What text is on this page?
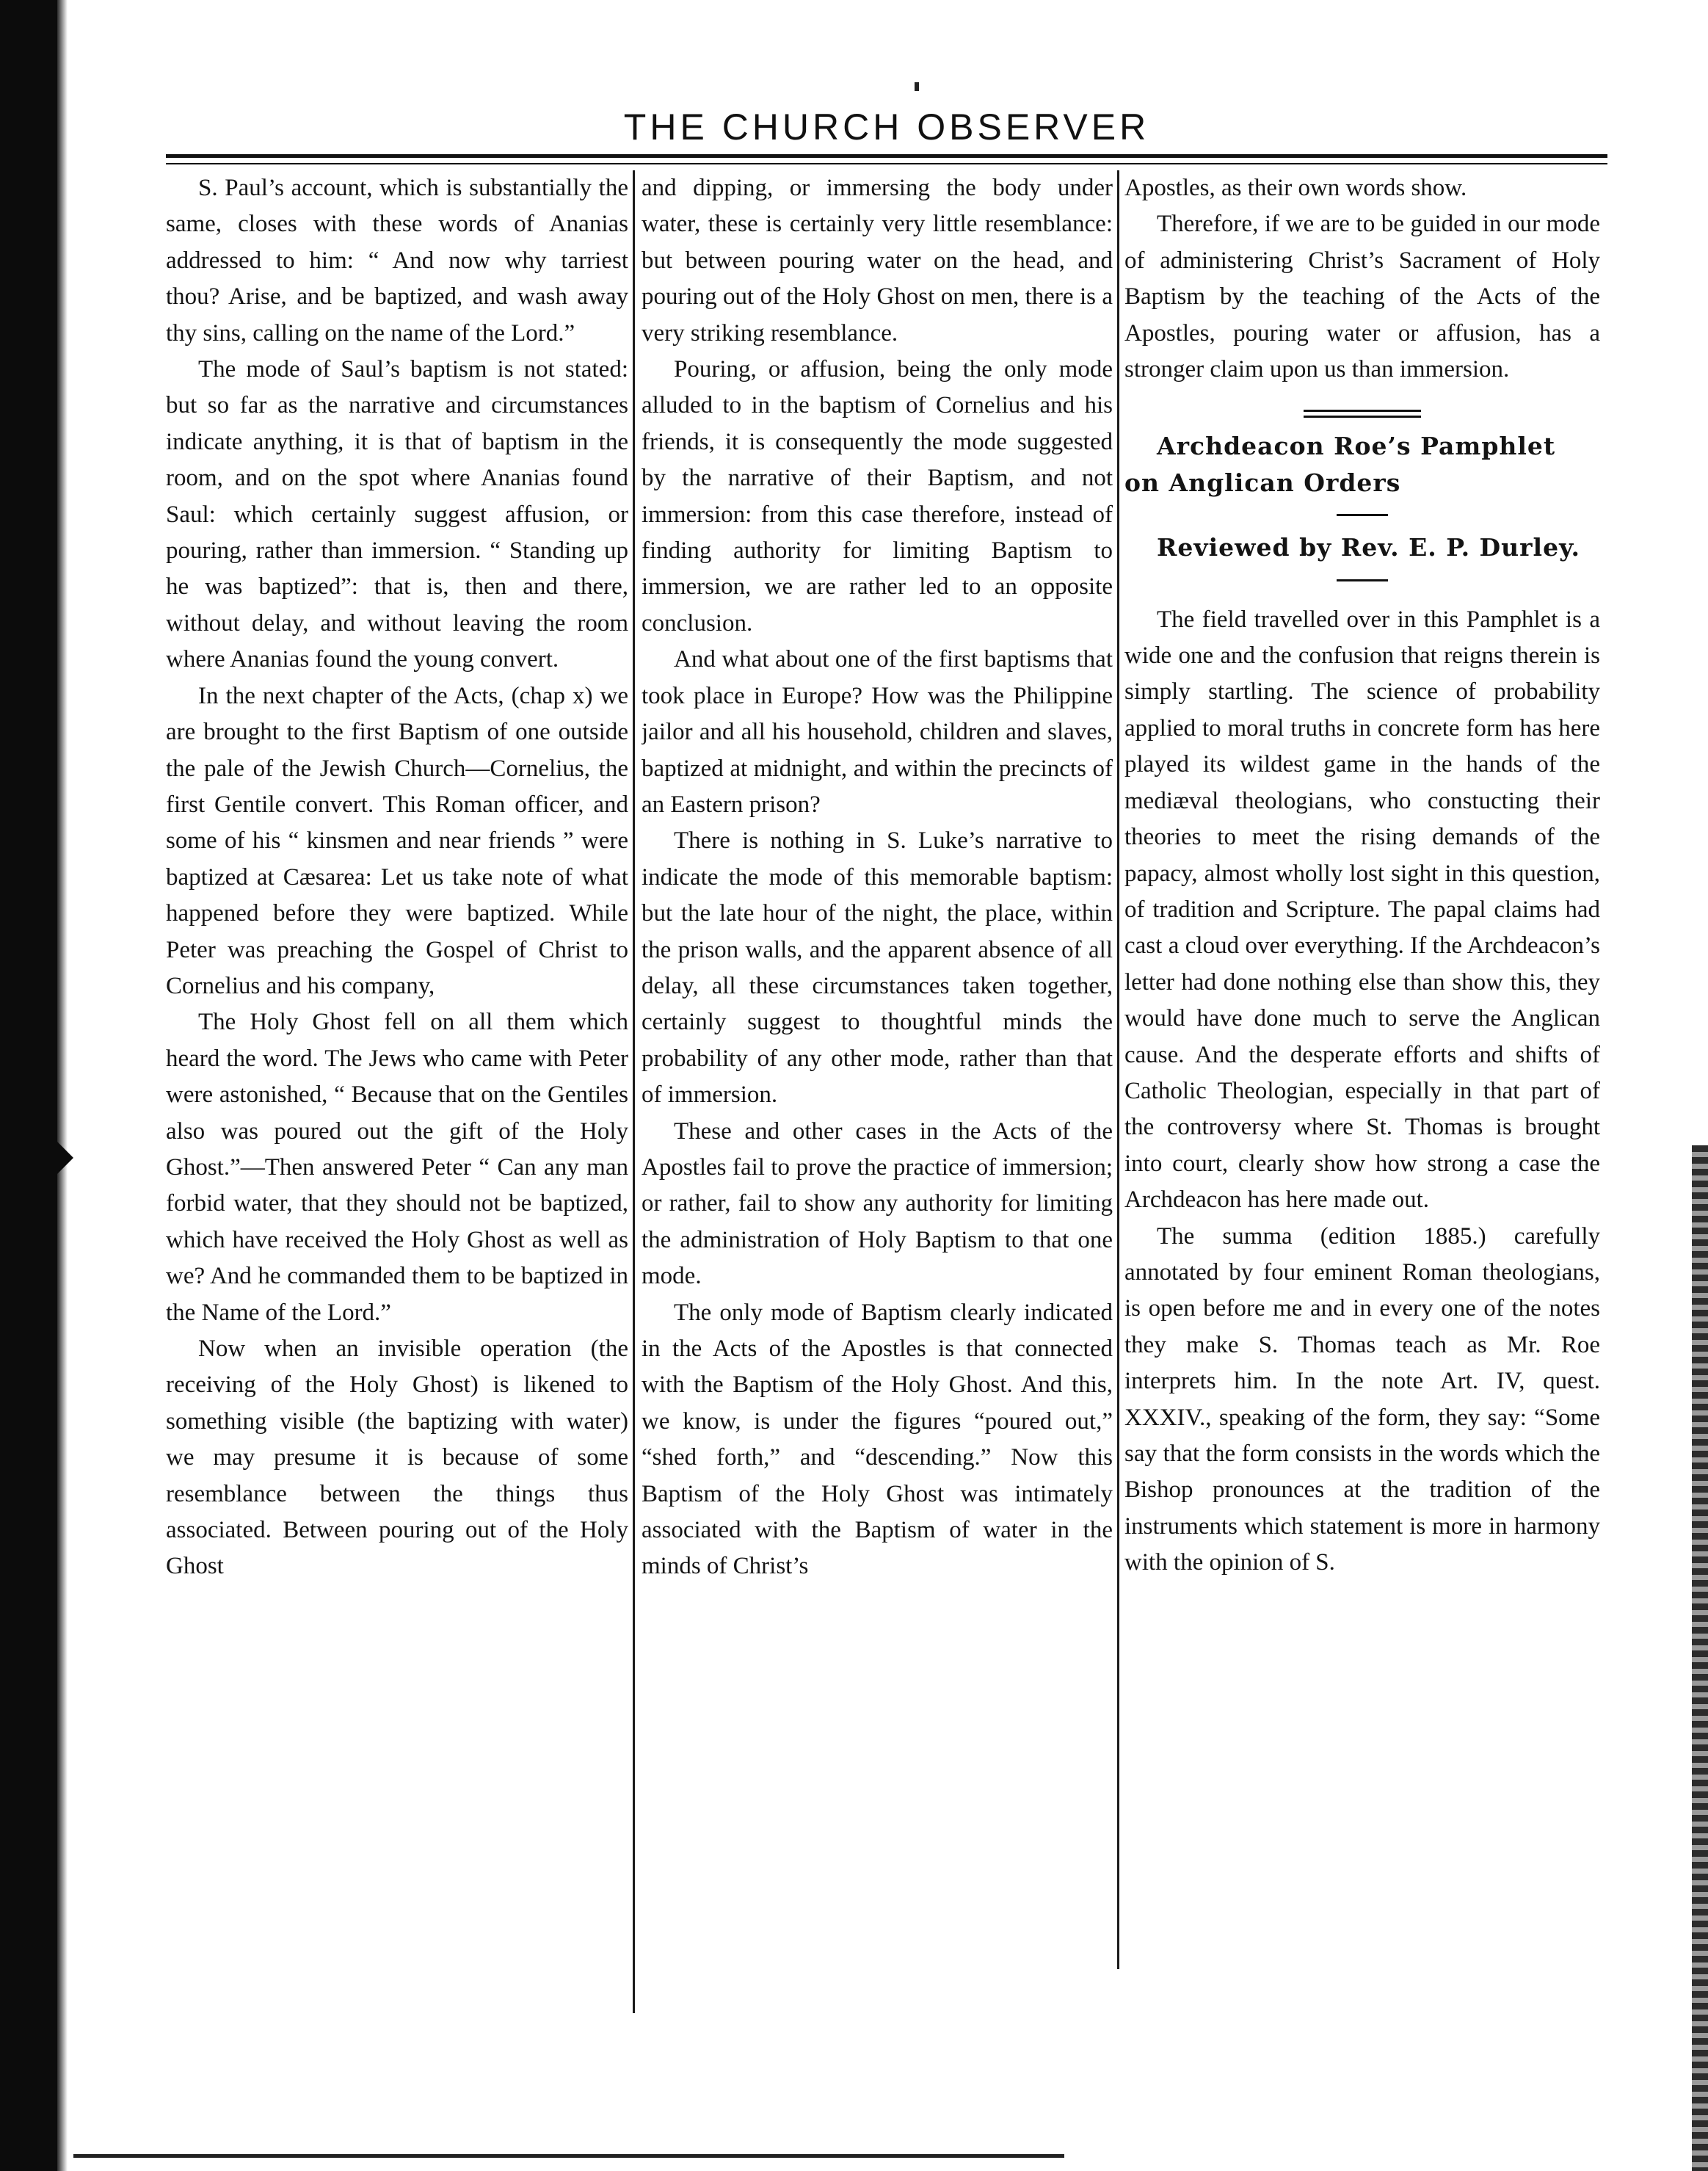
THE CHURCH OBSERVER

S. Paul’s account, which is substantially the same, closes with these words of Ananias addressed to him: “ And now why tarriest thou? Arise, and be baptized, and wash away thy sins, calling on the name of the Lord.”

The mode of Saul’s baptism is not stated: but so far as the narrative and circumstances indicate anything, it is that of baptism in the room, and on the spot where Ananias found Saul: which certainly suggest affusion, or pouring, rather than immersion. “ Standing up he was baptized”: that is, then and there, without delay, and without leaving the room where Ananias found the young convert.

In the next chapter of the Acts, (chap x) we are brought to the first Baptism of one outside the pale of the Jewish Church—Cornelius, the first Gentile convert. This Roman officer, and some of his “ kinsmen and near friends ” were baptized at Cæsarea: Let us take note of what happened before they were baptized. While Peter was preaching the Gospel of Christ to Cornelius and his company,

The Holy Ghost fell on all them which heard the word. The Jews who came with Peter were astonished, “ Because that on the Gentiles also was poured out the gift of the Holy Ghost.”—Then answered Peter “ Can any man forbid water, that they should not be baptized, which have received the Holy Ghost as well as we? And he commanded them to be baptized in the Name of the Lord.”

Now when an invisible operation (the receiving of the Holy Ghost) is likened to something visible (the baptizing with water) we may presume it is because of some resemblance between the things thus associated. Between pouring out of the Holy Ghost

and dipping, or immersing the body under water, these is certainly very little resemblance: but between pouring water on the head, and pouring out of the Holy Ghost on men, there is a very striking resemblance.

Pouring, or affusion, being the only mode alluded to in the baptism of Cornelius and his friends, it is consequently the mode suggested by the narrative of their Baptism, and not immersion: from this case therefore, instead of finding authority for limiting Baptism to immersion, we are rather led to an opposite conclusion.

And what about one of the first baptisms that took place in Europe? How was the Philippine jailor and all his household, children and slaves, baptized at midnight, and within the precincts of an Eastern prison?

There is nothing in S. Luke’s narrative to indicate the mode of this memorable baptism: but the late hour of the night, the place, within the prison walls, and the apparent absence of all delay, all these circumstances taken together, certainly suggest to thoughtful minds the probability of any other mode, rather than that of immersion.

These and other cases in the Acts of the Apostles fail to prove the practice of immersion; or rather, fail to show any authority for limiting the administration of Holy Baptism to that one mode.

The only mode of Baptism clearly indicated in the Acts of the Apostles is that connected with the Baptism of the Holy Ghost. And this, we know, is under the figures “poured out,” “shed forth,” and “descending.” Now this Baptism of the Holy Ghost was intimately associated with the Baptism of water in the minds of Christ’s

Apostles, as their own words show.

Therefore, if we are to be guided in our mode of administering Christ’s Sacrament of Holy Baptism by the teaching of the Acts of the Apostles, pouring water or affusion, has a stronger claim upon us than immersion.

Archdeacon Roe’s Pamphlet
on Anglican Orders

Reviewed by Rev. E. P. Durley.

The field travelled over in this Pamphlet is a wide one and the confusion that reigns therein is simply startling. The science of probability applied to moral truths in concrete form has here played its wildest game in the hands of the mediæval theologians, who constucting their theories to meet the rising demands of the papacy, almost wholly lost sight in this question, of tradition and Scripture. The papal claims had cast a cloud over everything. If the Archdeacon’s letter had done nothing else than show this, they would have done much to serve the Anglican cause. And the desperate efforts and shifts of Catholic Theologian, especially in that part of the controversy where St. Thomas is brought into court, clearly show how strong a case the Archdeacon has here made out.

The summa (edition 1885.) carefully annotated by four eminent Roman theologians, is open before me and in every one of the notes they make S. Thomas teach as Mr. Roe interprets him. In the note Art. IV, quest. XXXIV., speaking of the form, they say: “Some say that the form consists in the words which the Bishop pronounces at the tradition of the instruments which statement is more in harmony with the opinion of S.
